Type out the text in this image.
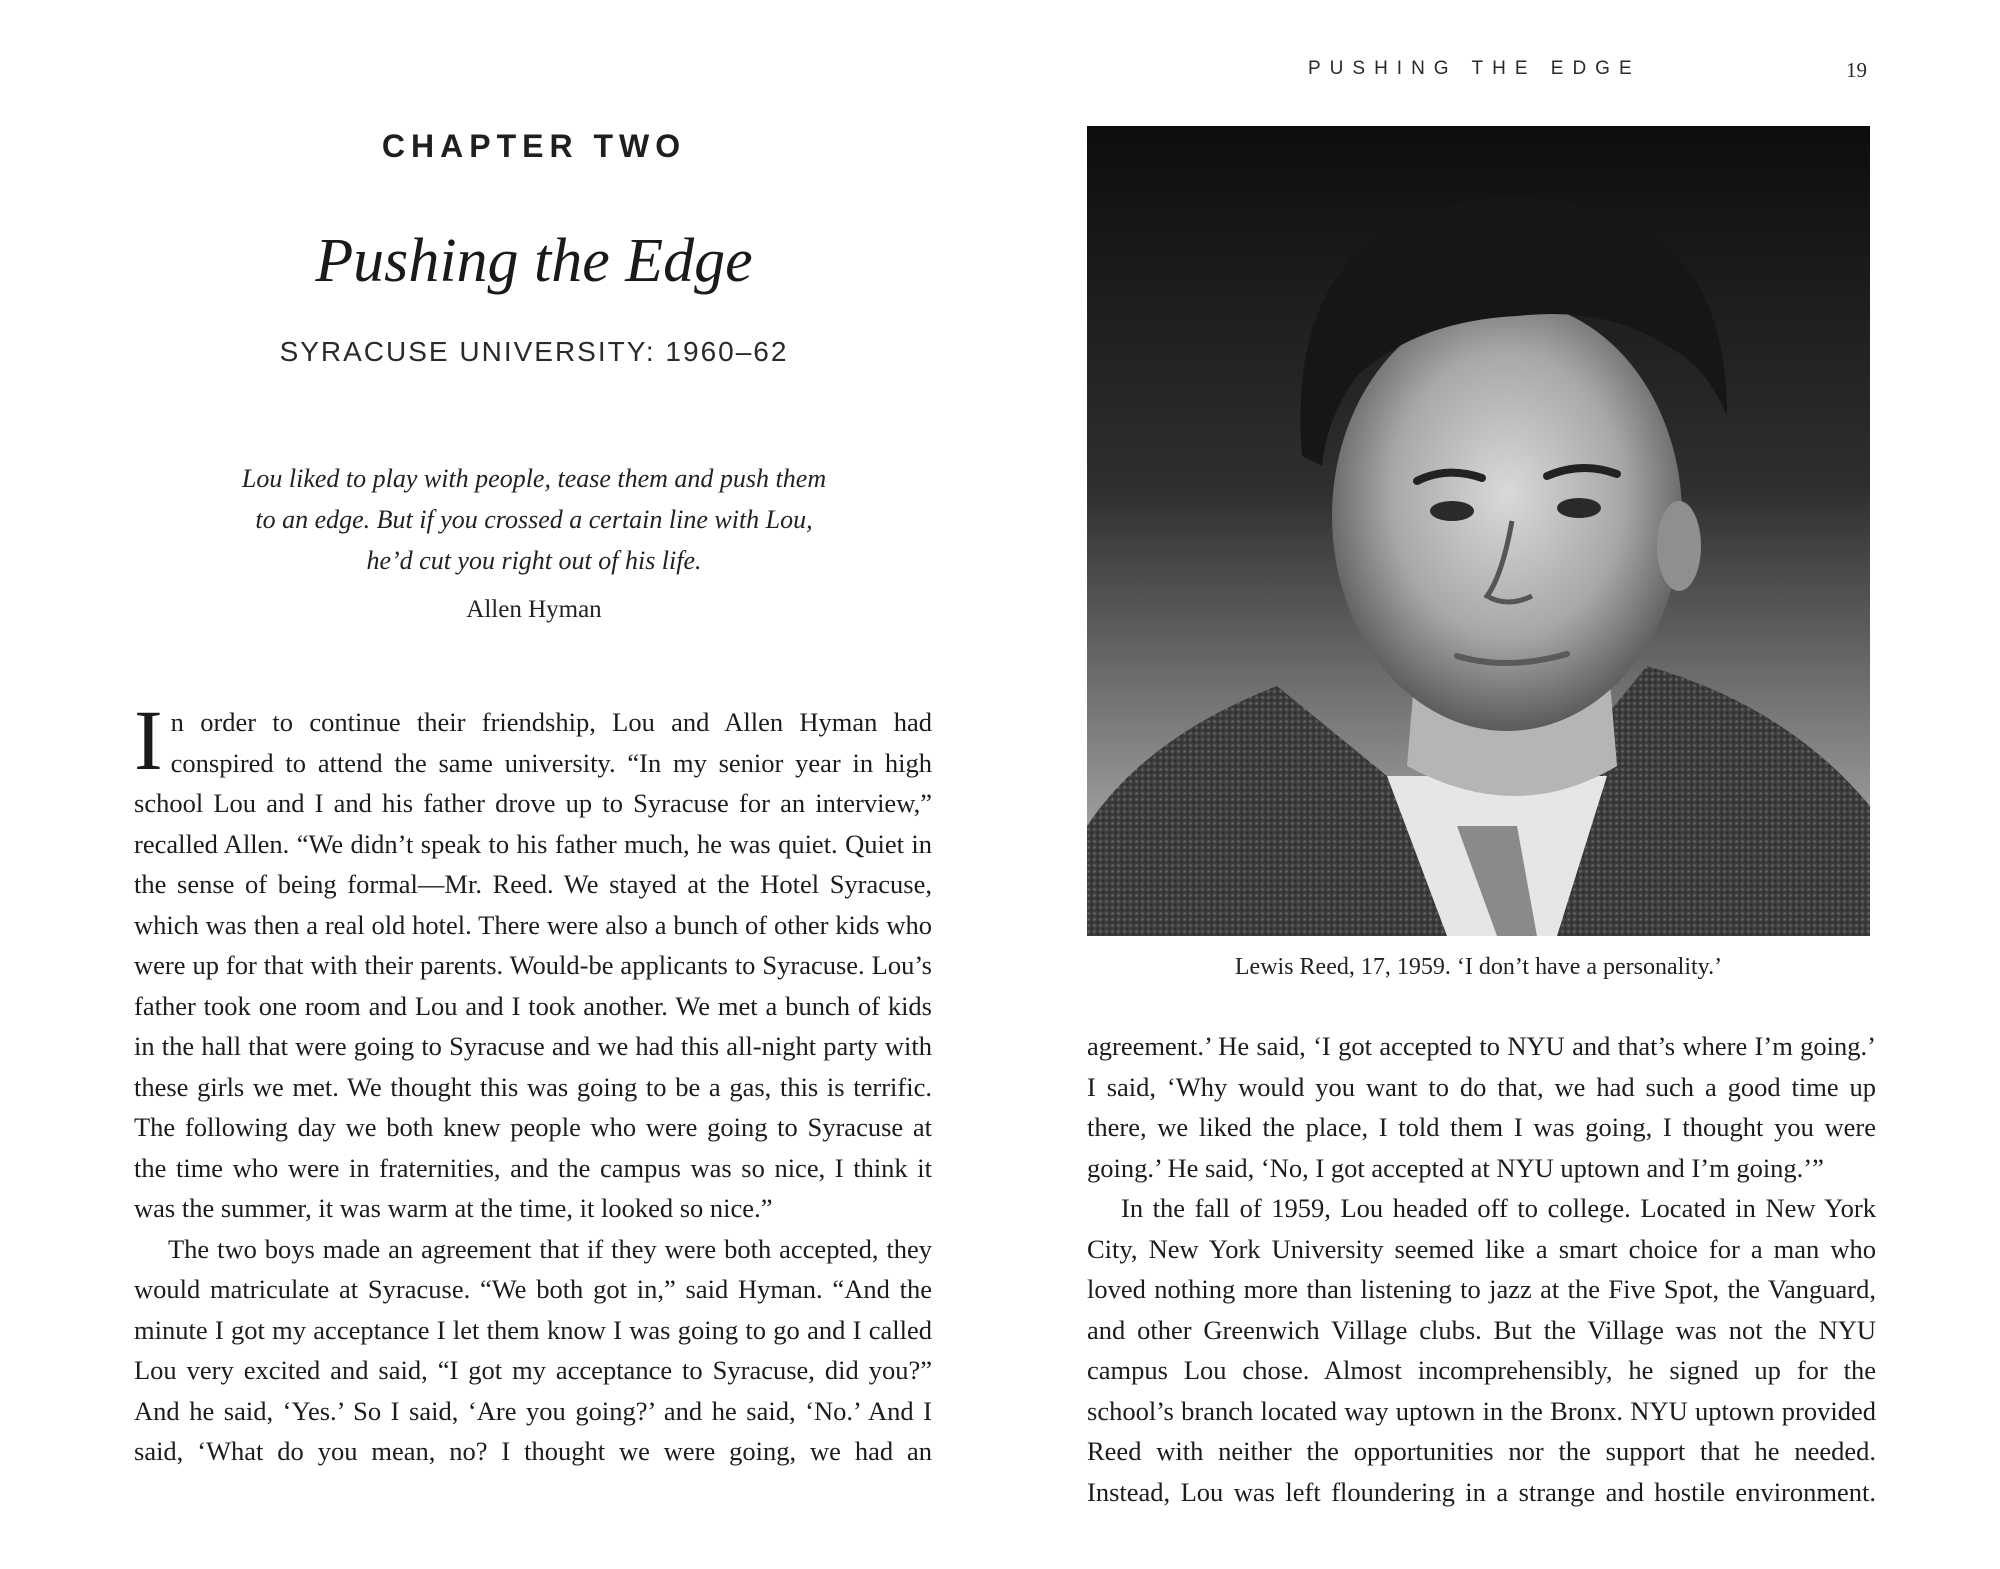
CHAPTER TWO
Pushing the Edge
SYRACUSE UNIVERSITY: 1960–62
Lou liked to play with people, tease them and push them
to an edge. But if you crossed a certain line with Lou,
he’d cut you right out of his life.
Allen Hyman

In order to continue their friendship, Lou and Allen Hyman had conspired to attend the same university. “In my senior year in high school Lou and I and his father drove up to Syracuse for an interview,” recalled Allen. “We didn’t speak to his father much, he was quiet. Quiet in the sense of being formal—Mr. Reed. We stayed at the Hotel Syracuse, which was then a real old hotel. There were also a bunch of other kids who were up for that with their parents. Would-be applicants to Syracuse. Lou’s father took one room and Lou and I took another. We met a bunch of kids in the hall that were going to Syracuse and we had this all-night party with these girls we met. We thought this was going to be a gas, this is terrific. The following day we both knew people who were going to Syracuse at the time who were in fraternities, and the campus was so nice, I think it was the summer, it was warm at the time, it looked so nice.”

The two boys made an agreement that if they were both accepted, they would matriculate at Syracuse. “We both got in,” said Hyman. “And the minute I got my acceptance I let them know I was going to go and I called Lou very excited and said, “I got my acceptance to Syracuse, did you?” And he said, ‘Yes.’ So I said, ‘Are you going?’ and he said, ‘No.’ And I said, ‘What do you mean, no? I thought we were going, we had an

PUSHING THE EDGE	19
Lewis Reed, 17, 1959. ‘I don’t have a personality.’

agreement.’ He said, ‘I got accepted to NYU and that’s where I’m going.’ I said, ‘Why would you want to do that, we had such a good time up there, we liked the place, I told them I was going, I thought you were going.’ He said, ‘No, I got accepted at NYU uptown and I’m going.’”

In the fall of 1959, Lou headed off to college. Located in New York City, New York University seemed like a smart choice for a man who loved nothing more than listening to jazz at the Five Spot, the Vanguard, and other Greenwich Village clubs. But the Village was not the NYU campus Lou chose. Almost incomprehensibly, he signed up for the school’s branch located way uptown in the Bronx. NYU uptown provided Reed with neither the opportunities nor the support that he needed. Instead, Lou was left floundering in a strange and hostile environment.
